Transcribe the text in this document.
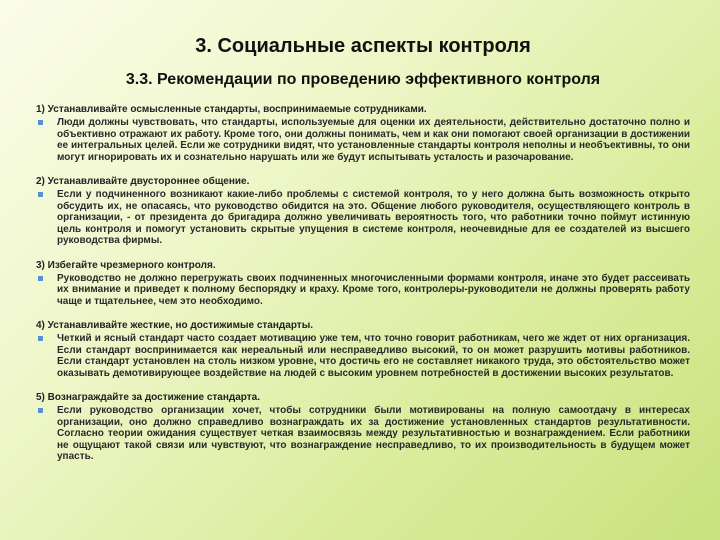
3. Социальные аспекты контроля
3.3. Рекомендации по проведению эффективного контроля
1) Устанавливайте осмысленные стандарты, воспринимаемые сотрудниками.
Люди должны чувствовать, что стандарты, используемые для оценки их деятельности, действительно достаточно полно и объективно отражают их работу. Кроме того, они должны понимать, чем и как они помогают своей организации в достижении ее интегральных целей. Если же сотрудники видят, что установленные стандарты контроля неполны и необъективны, то они могут игнорировать их и сознательно нарушать или же будут испытывать усталость и разочарование.
2) Устанавливайте двустороннее общение.
Если у подчиненного возникают какие-либо проблемы с системой контроля, то у него должна быть возможность открыто обсудить их, не опасаясь, что руководство обидится на это. Общение любого руководителя, осуществляющего контроль в организации, - от президента до бригадира должно увеличивать вероятность того, что работники точно поймут истинную цель контроля и помогут установить скрытые упущения в системе контроля, неочевидные для ее создателей из высшего руководства фирмы.
3) Избегайте чрезмерного контроля.
Руководство не должно перегружать своих подчиненных многочисленными формами контроля, иначе это будет рассеивать их внимание и приведет к полному беспорядку и краху. Кроме того, контролеры-руководители не должны проверять работу чаще и тщательнее, чем это необходимо.
4) Устанавливайте жесткие, но достижимые стандарты.
Четкий и ясный стандарт часто создает мотивацию уже тем, что точно говорит работникам, чего же ждет от них организация. Если стандарт воспринимается как нереальный или несправедливо высокий, то он может разрушить мотивы работников. Если стандарт установлен на столь низком уровне, что достичь его не составляет никакого труда, это обстоятельство может оказывать демотивирующее воздействие на людей с высоким уровнем потребностей в достижении высоких результатов.
5) Вознаграждайте за достижение стандарта.
Если руководство организации хочет, чтобы сотрудники были мотивированы на полную самоотдачу в интересах организации, оно должно справедливо вознаграждать их за достижение установленных стандартов результативности. Согласно теории ожидания существует четкая взаимосвязь между результативностью и вознаграждением. Если работники не ощущают такой связи или чувствуют, что вознаграждение несправедливо, то их производительность в будущем может упасть.
